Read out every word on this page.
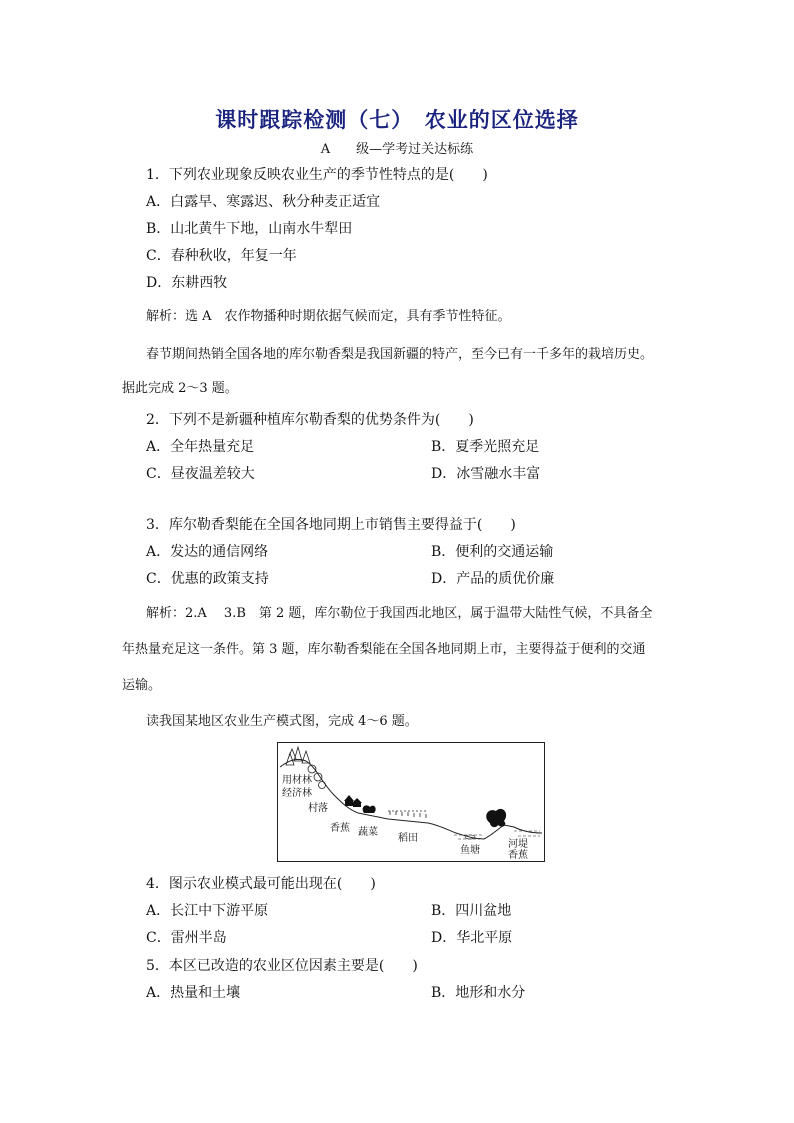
课时跟踪检测（七）　农业的区位选择
A　　级—学考过关达标练
1．下列农业现象反映农业生产的季节性特点的是(　　)
A．白露早、寒露迟、秋分种麦正适宜
B．山北黄牛下地，山南水牛犁田
C．春种秋收，年复一年
D．东耕西牧
解析：选 A　农作物播种时期依据气候而定，具有季节性特征。
春节期间热销全国各地的库尔勒香梨是我国新疆的特产，至今已有一千多年的栽培历史。
据此完成 2～3 题。
2．下列不是新疆种植库尔勒香梨的优势条件为(　　)
A．全年热量充足	B．夏季光照充足
C．昼夜温差较大	D．冰雪融水丰富
3．库尔勒香梨能在全国各地同期上市销售主要得益于(　　)
A．发达的通信网络	B．便利的交通运输
C．优惠的政策支持	D．产品的质优价廉
解析：2.A　 3.B　第 2 题，库尔勒位于我国西北地区，属于温带大陆性气候，不具备全
年热量充足这一条件。第 3 题，库尔勒香梨能在全国各地同期上市，主要得益于便利的交通
运输。
读我国某地区农业生产模式图，完成 4～6 题。
用材林
经济林
村落
香蕉 蔬菜
稻田
鱼塘
河堤
香蕉
4．图示农业模式最可能出现在(　　)
A．长江中下游平原	B．四川盆地
C．雷州半岛	D．华北平原
5．本区已改造的农业区位因素主要是(　　)
A．热量和土壤	B．地形和水分
